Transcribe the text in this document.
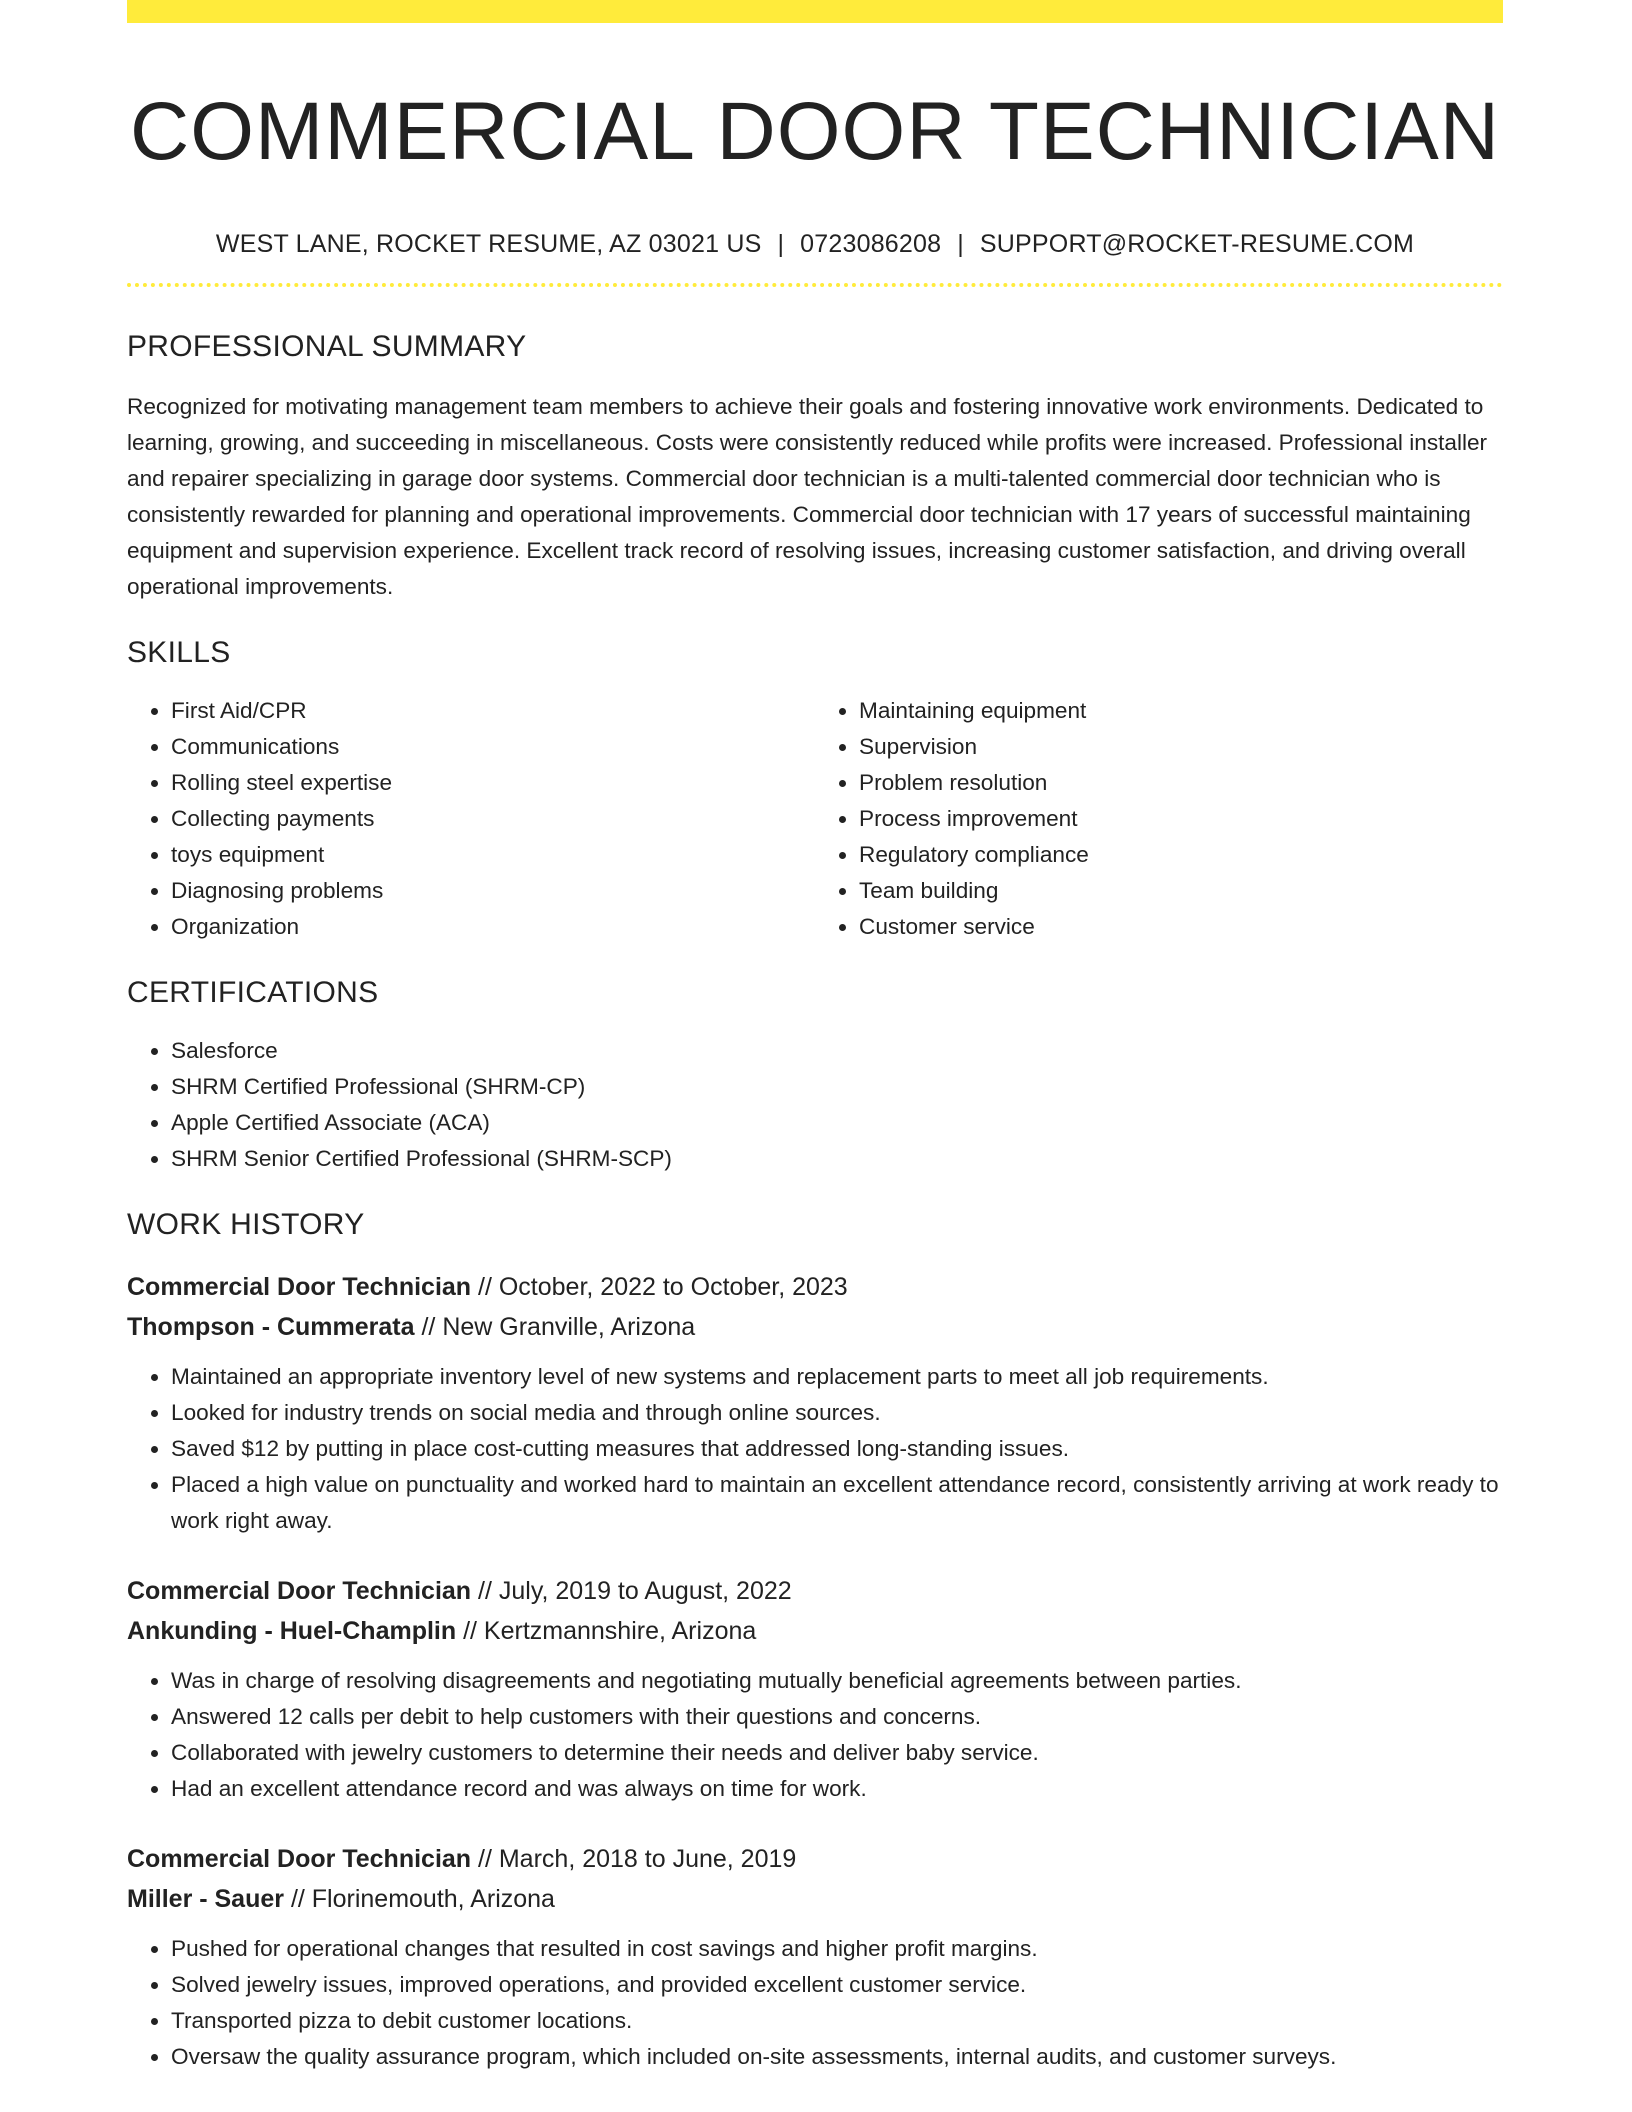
COMMERCIAL DOOR TECHNICIAN
WEST LANE, ROCKET RESUME, AZ 03021 US | 0723086208 | SUPPORT@ROCKET-RESUME.COM
PROFESSIONAL SUMMARY

Recognized for motivating management team members to achieve their goals and fostering innovative work environments. Dedicated to learning, growing, and succeeding in miscellaneous. Costs were consistently reduced while profits were increased. Professional installer and repairer specializing in garage door systems. Commercial door technician is a multi-talented commercial door technician who is consistently rewarded for planning and operational improvements. Commercial door technician with 17 years of successful maintaining equipment and supervision experience. Excellent track record of resolving issues, increasing customer satisfaction, and driving overall operational improvements.

SKILLS
• First Aid/CPR
• Communications
• Rolling steel expertise
• Collecting payments
• toys equipment
• Diagnosing problems
• Organization
• Maintaining equipment
• Supervision
• Problem resolution
• Process improvement
• Regulatory compliance
• Team building
• Customer service
CERTIFICATIONS
• Salesforce
• SHRM Certified Professional (SHRM-CP)
• Apple Certified Associate (ACA)
• SHRM Senior Certified Professional (SHRM-SCP)
WORK HISTORY
Commercial Door Technician // October, 2022 to October, 2023
Thompson - Cummerata // New Granville, Arizona
• Maintained an appropriate inventory level of new systems and replacement parts to meet all job requirements.
• Looked for industry trends on social media and through online sources.
• Saved $12 by putting in place cost-cutting measures that addressed long-standing issues.
• Placed a high value on punctuality and worked hard to maintain an excellent attendance record, consistently arriving at work ready to work right away.
Commercial Door Technician // July, 2019 to August, 2022
Ankunding - Huel-Champlin // Kertzmannshire, Arizona
• Was in charge of resolving disagreements and negotiating mutually beneficial agreements between parties.
• Answered 12 calls per debit to help customers with their questions and concerns.
• Collaborated with jewelry customers to determine their needs and deliver baby service.
• Had an excellent attendance record and was always on time for work.
Commercial Door Technician // March, 2018 to June, 2019
Miller - Sauer // Florinemouth, Arizona
• Pushed for operational changes that resulted in cost savings and higher profit margins.
• Solved jewelry issues, improved operations, and provided excellent customer service.
• Transported pizza to debit customer locations.
• Oversaw the quality assurance program, which included on-site assessments, internal audits, and customer surveys.
